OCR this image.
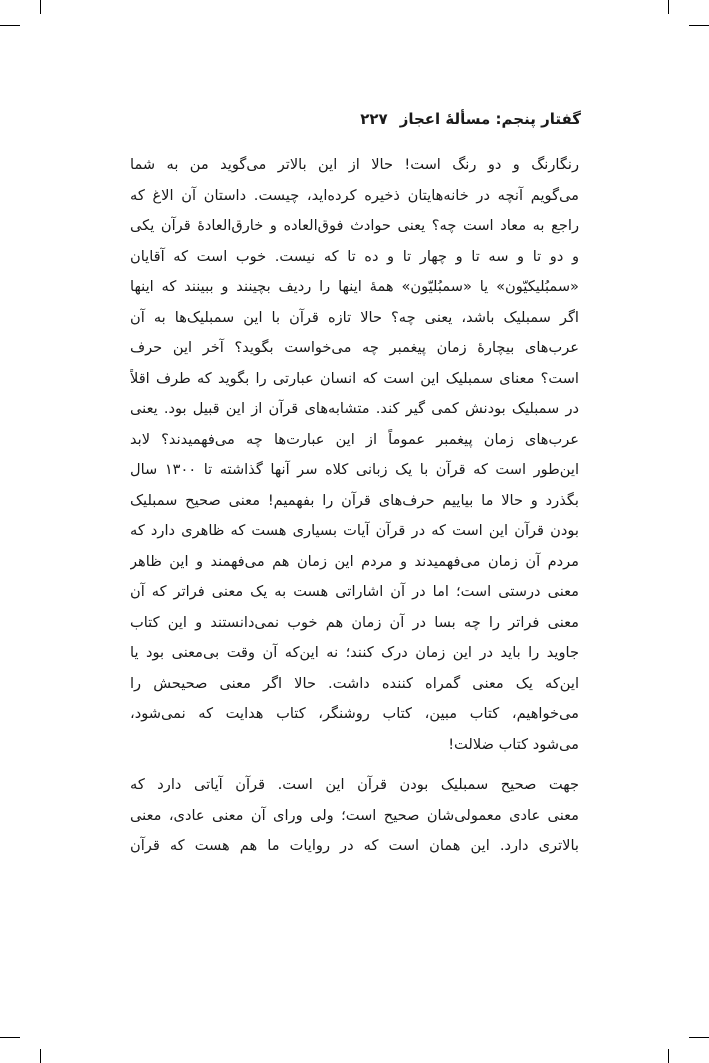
گفتار پنجم: مسألهٔ اعجاز۲۲۷
رنگارنگ و دو رنگ است! حالا از این بالاتر می‌گوید من به شما
می‌گویم آنچه در خانه‌هایتان ذخیره کرده‌اید، چیست. داستان آن الاغ که
راجع به معاد است چه؟ یعنی حوادث فوق‌العاده و خارق‌العادهٔ قرآن یکی
و دو تا و سه تا و چهار تا و ده تا که نیست. خوب است که آقایان
«سمبُلیکیّون» یا «سمبُلیّون» همهٔ اینها را ردیف بچینند و ببینند که اینها
اگر سمبلیک باشد، یعنی چه؟ حالا تازه قرآن با این سمبلیک‌ها به آن
عرب‌های بیچارهٔ زمان پیغمبر چه می‌خواست بگوید؟ آخر این حرف
است؟ معنای سمبلیک این است که انسان عبارتی را بگوید که طرف اقلاً
در سمبلیک بودنش کمی گیر کند. متشابه‌های قرآن از این قبیل بود. یعنی
عرب‌های زمان پیغمبر عموماً از این عبارت‌ها چه می‌فهمیدند؟ لابد
این‌طور است که قرآن با یک زبانی کلاه سر آنها گذاشته تا ۱۳۰۰ سال
بگذرد و حالا ما بیاییم حرف‌های قرآن را بفهمیم! معنی صحیح سمبلیک
بودن قرآن این است که در قرآن آیات بسیاری هست که ظاهری دارد که
مردم آن زمان می‌فهمیدند و مردم این زمان هم می‌فهمند و این ظاهر
معنی درستی است؛ اما در آن اشاراتی هست به یک معنی فراتر که آن
معنی فراتر را چه بسا در آن زمان هم خوب نمی‌دانستند و این کتاب
جاوید را باید در این زمان درک کنند؛ نه این‌که آن وقت بی‌معنی بود یا
این‌که یک معنی گمراه کننده داشت. حالا اگر معنی صحیحش را
می‌خواهیم، کتاب مبین، کتاب روشنگر، کتاب هدایت که نمی‌شود،
می‌شود کتاب ضلالت!
جهت صحیح سمبلیک بودن قرآن این است. قرآن آیاتی دارد که
معنی عادی معمولی‌شان صحیح است؛ ولی ورای آن معنی عادی، معنی
بالاتری دارد. این همان است که در روایات ما هم هست که قرآن
